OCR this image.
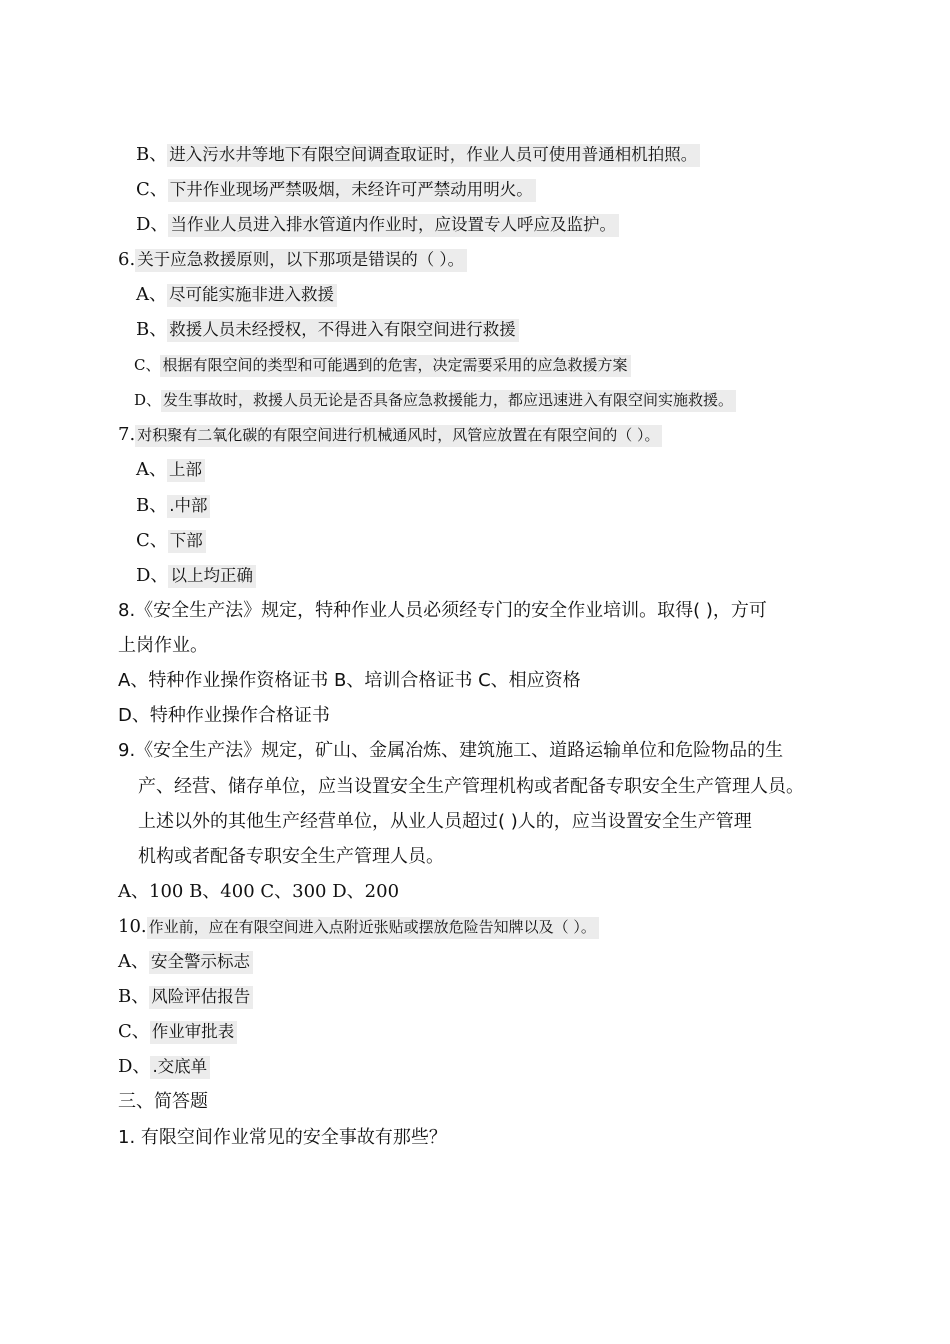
B、 进入污水井等地下有限空间调查取证时，作业人员可使用普通相机拍照。
C、 下井作业现场严禁吸烟，未经许可严禁动用明火。
D、 当作业人员进入排水管道内作业时，应设置专人呼应及监护。
6. 关于应急救援原则，以下那项是错误的（ ）。
A、 尽可能实施非进入救援
B、 救援人员未经授权，不得进入有限空间进行救援
C、 根据有限空间的类型和可能遇到的危害，决定需要采用的应急救援方案
D、 发生事故时，救援人员无论是否具备应急救援能力，都应迅速进入有限空间实施救援。
7. 对积聚有二氧化碳的有限空间进行机械通风时，风管应放置在有限空间的（ ）。
A、 上部
B、 .中部
C、 下部
D、 以上均正确
8.《安全生产法》规定，特种作业人员必须经专门的安全作业培训。取得( )，方可
上岗作业。
A、特种作业操作资格证书 B、培训合格证书 C、相应资格
D、特种作业操作合格证书
9.《安全生产法》规定，矿山、金属冶炼、建筑施工、道路运输单位和危险物品的生
产、经营、储存单位，应当设置安全生产管理机构或者配备专职安全生产管理人员。
上述以外的其他生产经营单位，从业人员超过( )人的，应当设置安全生产管理
机构或者配备专职安全生产管理人员。
A、100 B、400 C、300 D、200
10. 作业前，应在有限空间进入点附近张贴或摆放危险告知牌以及（ ）。
A、 安全警示标志
B、 风险评估报告
C、 作业审批表
D、 .交底单
三、简答题
1. 有限空间作业常见的安全事故有那些？
